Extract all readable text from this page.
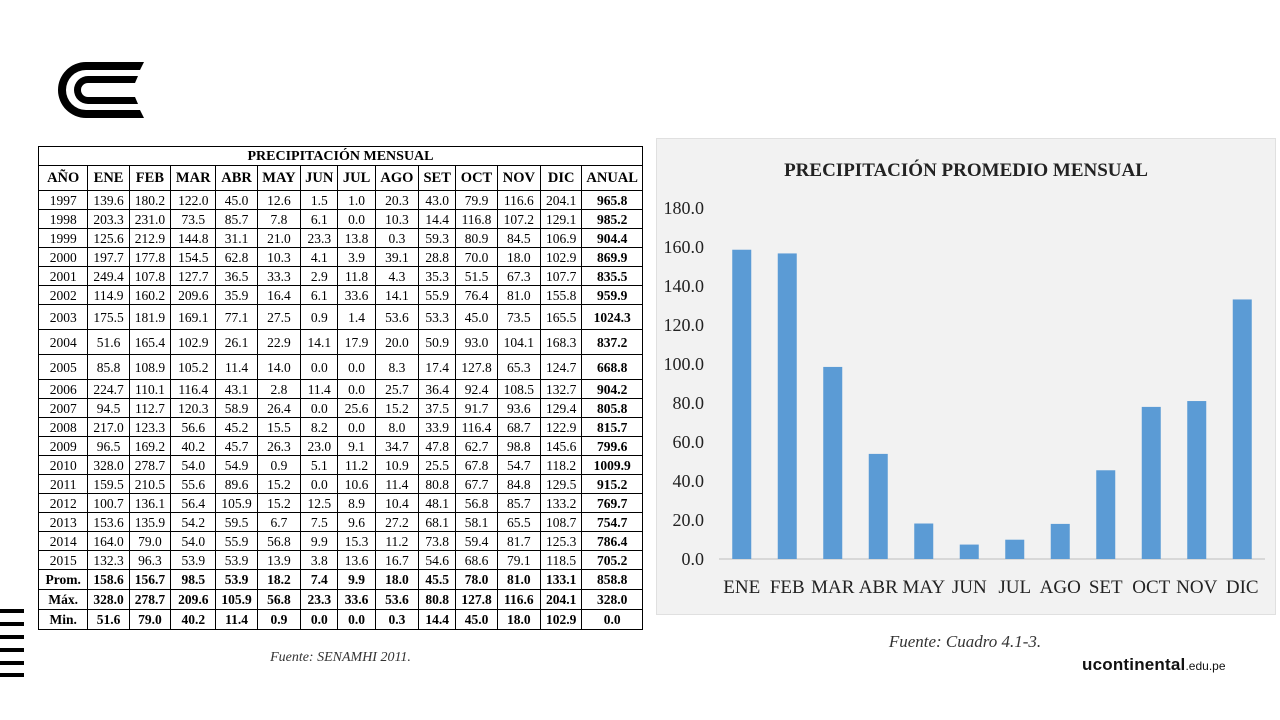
PRECIPITACIÓN MENSUAL													
AÑO	ENE	FEB	MAR	ABR	MAY	JUN	JUL	AGO	SET	OCT	NOV	DIC	ANUAL
1997	139.6	180.2	122.0	45.0	12.6	1.5	1.0	20.3	43.0	79.9	116.6	204.1	965.8
1998	203.3	231.0	73.5	85.7	7.8	6.1	0.0	10.3	14.4	116.8	107.2	129.1	985.2
1999	125.6	212.9	144.8	31.1	21.0	23.3	13.8	0.3	59.3	80.9	84.5	106.9	904.4
2000	197.7	177.8	154.5	62.8	10.3	4.1	3.9	39.1	28.8	70.0	18.0	102.9	869.9
2001	249.4	107.8	127.7	36.5	33.3	2.9	11.8	4.3	35.3	51.5	67.3	107.7	835.5
2002	114.9	160.2	209.6	35.9	16.4	6.1	33.6	14.1	55.9	76.4	81.0	155.8	959.9
2003	175.5	181.9	169.1	77.1	27.5	0.9	1.4	53.6	53.3	45.0	73.5	165.5	1024.3
2004	51.6	165.4	102.9	26.1	22.9	14.1	17.9	20.0	50.9	93.0	104.1	168.3	837.2
2005	85.8	108.9	105.2	11.4	14.0	0.0	0.0	8.3	17.4	127.8	65.3	124.7	668.8
2006	224.7	110.1	116.4	43.1	2.8	11.4	0.0	25.7	36.4	92.4	108.5	132.7	904.2
2007	94.5	112.7	120.3	58.9	26.4	0.0	25.6	15.2	37.5	91.7	93.6	129.4	805.8
2008	217.0	123.3	56.6	45.2	15.5	8.2	0.0	8.0	33.9	116.4	68.7	122.9	815.7
2009	96.5	169.2	40.2	45.7	26.3	23.0	9.1	34.7	47.8	62.7	98.8	145.6	799.6
2010	328.0	278.7	54.0	54.9	0.9	5.1	11.2	10.9	25.5	67.8	54.7	118.2	1009.9
2011	159.5	210.5	55.6	89.6	15.2	0.0	10.6	11.4	80.8	67.7	84.8	129.5	915.2
2012	100.7	136.1	56.4	105.9	15.2	12.5	8.9	10.4	48.1	56.8	85.7	133.2	769.7
2013	153.6	135.9	54.2	59.5	6.7	7.5	9.6	27.2	68.1	58.1	65.5	108.7	754.7
2014	164.0	79.0	54.0	55.9	56.8	9.9	15.3	11.2	73.8	59.4	81.7	125.3	786.4
2015	132.3	96.3	53.9	53.9	13.9	3.8	13.6	16.7	54.6	68.6	79.1	118.5	705.2
Prom.	158.6	156.7	98.5	53.9	18.2	7.4	9.9	18.0	45.5	78.0	81.0	133.1	858.8
Máx.	328.0	278.7	209.6	105.9	56.8	23.3	33.6	53.6	80.8	127.8	116.6	204.1	328.0
Min.	51.6	79.0	40.2	11.4	0.9	0.0	0.0	0.3	14.4	45.0	18.0	102.9	0.0
Fuente: SENAMHI 2011.
PRECIPITACIÓN PROMEDIO MENSUAL
0.0
20.0
40.0
60.0
80.0
100.0
120.0
140.0
160.0
180.0
ENE FEB MAR ABR MAY JUN JUL AGO SET OCT NOV DIC
Fuente: Cuadro 4.1-3.
ucontinental.edu.pe
